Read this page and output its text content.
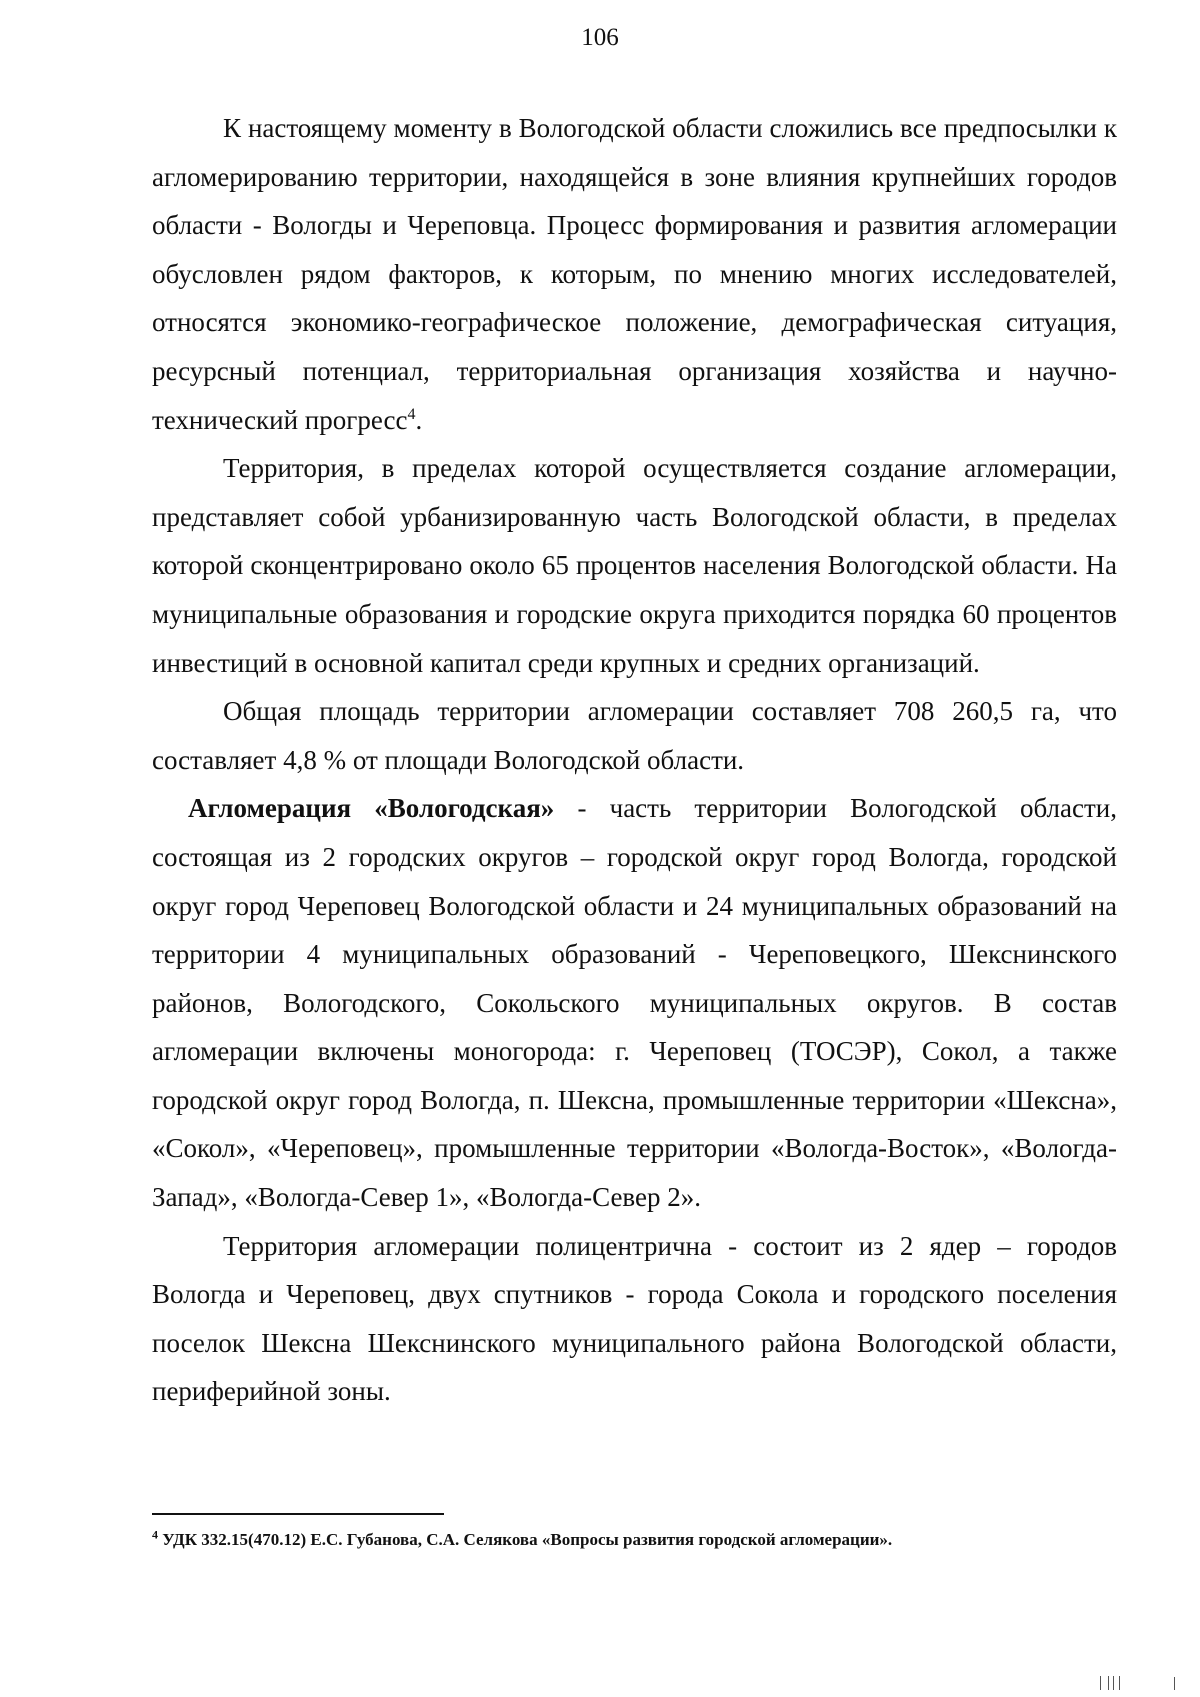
106

К настоящему моменту в Вологодской области сложились все предпосылки к агломерированию территории, находящейся в зоне влияния крупнейших городов области - Вологды и Череповца. Процесс формирования и развития агломерации обусловлен рядом факторов, к которым, по мнению многих исследователей, относятся экономико-географическое положение, демографическая ситуация, ресурсный потенциал, территориальная организация хозяйства и научно-технический прогресс$^4$.

Территория, в пределах которой осуществляется создание агломерации, представляет собой урбанизированную часть Вологодской области, в пределах которой сконцентрировано около 65 процентов населения Вологодской области. На муниципальные образования и городские округа приходится порядка 60 процентов инвестиций в основной капитал среди крупных и средних организаций.

Общая площадь территории агломерации составляет 708 260,5 га, что составляет 4,8 % от площади Вологодской области.

Агломерация «Вологодская» - часть территории Вологодской области, состоящая из 2 городских округов – городской округ город Вологда, городской округ город Череповец Вологодской области и 24 муниципальных образований на территории 4 муниципальных образований - Череповецкого, Шекснинского районов, Вологодского, Сокольского муниципальных округов. В состав агломерации включены моногорода: г. Череповец (ТОСЭР), Сокол, а также городской округ город Вологда, п. Шексна, промышленные территории «Шексна», «Сокол», «Череповец», промышленные территории «Вологда-Восток», «Вологда-Запад», «Вологда-Север 1», «Вологда-Север 2».

Территория агломерации полицентрична - состоит из 2 ядер – городов Вологда и Череповец, двух спутников - города Сокола и городского поселения поселок Шексна Шекснинского муниципального района Вологодской области, периферийной зоны.

$^4$ УДК 332.15(470.12) Е.С. Губанова, С.А. Селякова «Вопросы развития городской агломерации».
